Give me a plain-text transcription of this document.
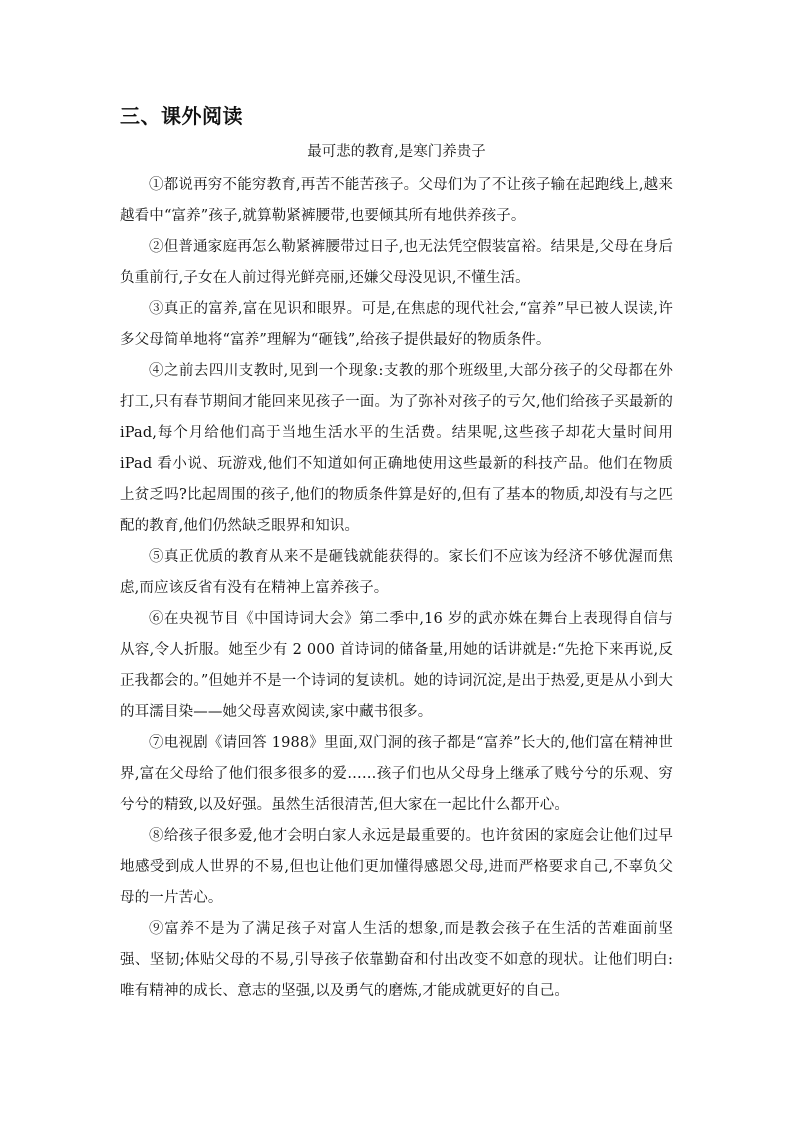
三、课外阅读
最可悲的教育,是寒门养贵子

①都说再穷不能穷教育,再苦不能苦孩子。父母们为了不让孩子输在起跑线上,越来越看中“富养”孩子,就算勒紧裤腰带,也要倾其所有地供养孩子。

②但普通家庭再怎么勒紧裤腰带过日子,也无法凭空假装富裕。结果是,父母在身后负重前行,子女在人前过得光鲜亮丽,还嫌父母没见识,不懂生活。

③真正的富养,富在见识和眼界。可是,在焦虑的现代社会,“富养”早已被人误读,许多父母简单地将“富养”理解为“砸钱”,给孩子提供最好的物质条件。

④之前去四川支教时,见到一个现象:支教的那个班级里,大部分孩子的父母都在外打工,只有春节期间才能回来见孩子一面。为了弥补对孩子的亏欠,他们给孩子买最新的 iPad,每个月给他们高于当地生活水平的生活费。结果呢,这些孩子却花大量时间用 iPad 看小说、玩游戏,他们不知道如何正确地使用这些最新的科技产品。他们在物质上贫乏吗?比起周围的孩子,他们的物质条件算是好的,但有了基本的物质,却没有与之匹配的教育,他们仍然缺乏眼界和知识。

⑤真正优质的教育从来不是砸钱就能获得的。家长们不应该为经济不够优渥而焦虑,而应该反省有没有在精神上富养孩子。

⑥在央视节目《中国诗词大会》第二季中,16 岁的武亦姝在舞台上表现得自信与从容,令人折服。她至少有 2 000 首诗词的储备量,用她的话讲就是:“先抢下来再说,反正我都会的。”但她并不是一个诗词的复读机。她的诗词沉淀,是出于热爱,更是从小到大的耳濡目染——她父母喜欢阅读,家中藏书很多。

⑦电视剧《请回答 1988》里面,双门洞的孩子都是“富养”长大的,他们富在精神世界,富在父母给了他们很多很多的爱……孩子们也从父母身上继承了贱兮兮的乐观、穷兮兮的精致,以及好强。虽然生活很清苦,但大家在一起比什么都开心。

⑧给孩子很多爱,他才会明白家人永远是最重要的。也许贫困的家庭会让他们过早地感受到成人世界的不易,但也让他们更加懂得感恩父母,进而严格要求自己,不辜负父母的一片苦心。

⑨富养不是为了满足孩子对富人生活的想象,而是教会孩子在生活的苦难面前坚强、坚韧;体贴父母的不易,引导孩子依靠勤奋和付出改变不如意的现状。让他们明白:唯有精神的成长、意志的坚强,以及勇气的磨炼,才能成就更好的自己。
